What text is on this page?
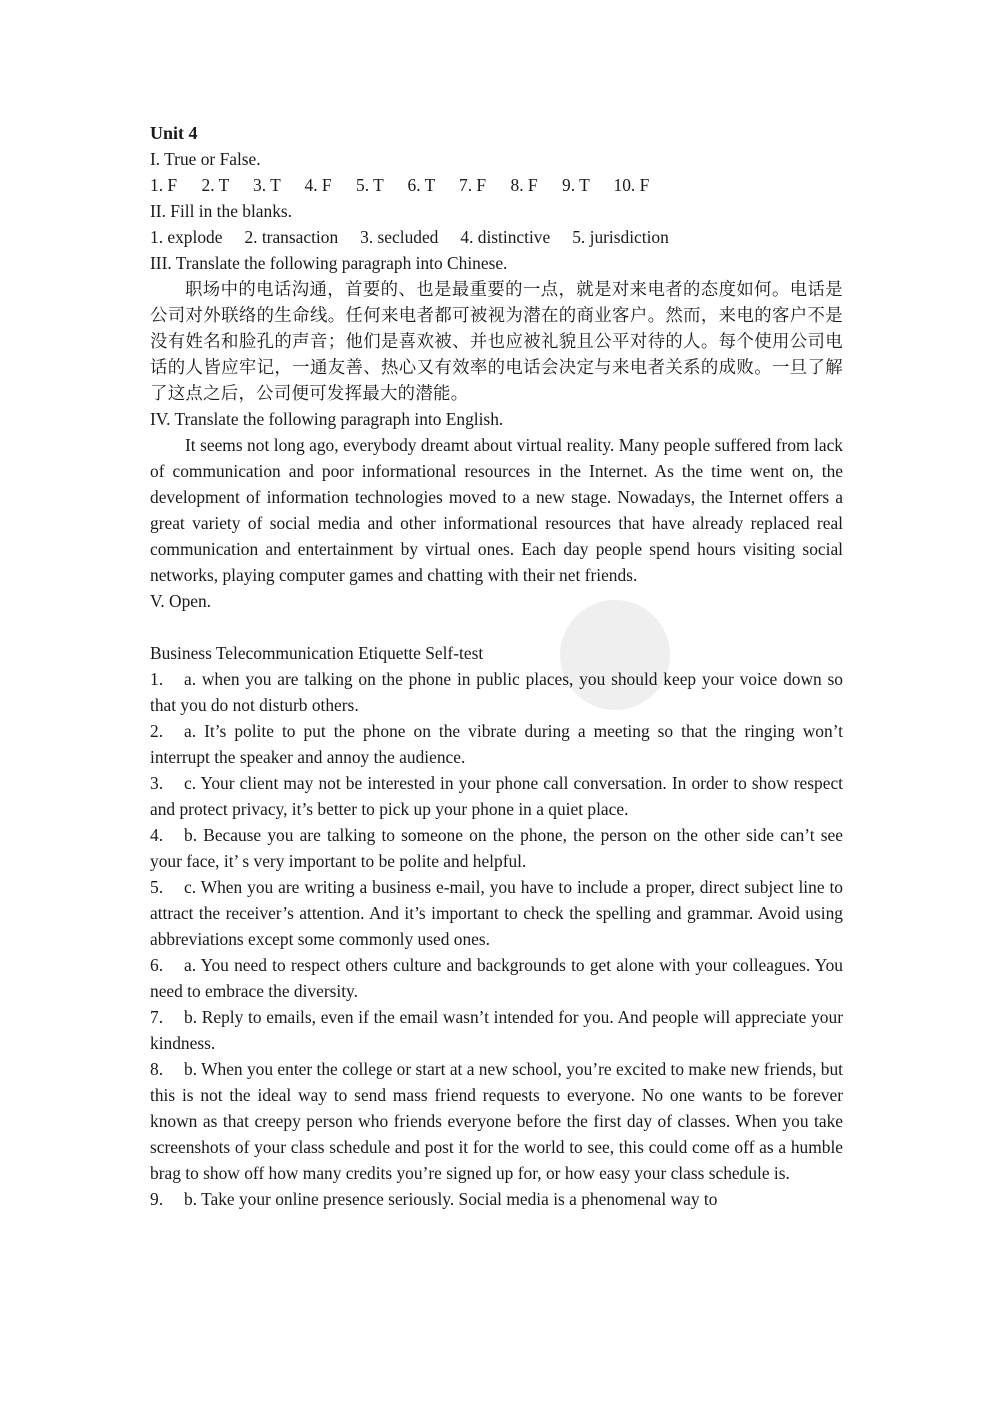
Unit 4

I. True or False.

1. F	2. T	3. T	4. F	5. T	6. T	7. F	8. F	9. T	10. F

II. Fill in the blanks.

1. explode 2. transaction 3. secluded 4. distinctive 5. jurisdiction

III. Translate the following paragraph into Chinese.

职场中的电话沟通，首要的、也是最重要的一点，就是对来电者的态度如何。电话是公司对外联络的生命线。任何来电者都可被视为潜在的商业客户。然而，来电的客户不是没有姓名和脸孔的声音；他们是喜欢被、并也应被礼貌且公平对待的人。每个使用公司电话的人皆应牢记，一通友善、热心又有效率的电话会决定与来电者关系的成败。一旦了解了这点之后，公司便可发挥最大的潜能。

IV. Translate the following paragraph into English.

It seems not long ago, everybody dreamt about virtual reality. Many people suffered from lack of communication and poor informational resources in the Internet. As the time went on, the development of information technologies moved to a new stage. Nowadays, the Internet offers a great variety of social media and other informational resources that have already replaced real communication and entertainment by virtual ones. Each day people spend hours visiting social networks, playing computer games and chatting with their net friends.

V. Open.

Business Telecommunication Etiquette Self-test

1. a. when you are talking on the phone in public places, you should keep your voice down so that you do not disturb others.

2. a. It’s polite to put the phone on the vibrate during a meeting so that the ringing won’t interrupt the speaker and annoy the audience.

3. c. Your client may not be interested in your phone call conversation. In order to show respect and protect privacy, it’s better to pick up your phone in a quiet place.

4. b. Because you are talking to someone on the phone, the person on the other side can’t see your face, it’ s very important to be polite and helpful.

5. c. When you are writing a business e-mail, you have to include a proper, direct subject line to attract the receiver’s attention. And it’s important to check the spelling and grammar. Avoid using abbreviations except some commonly used ones.

6. a. You need to respect others culture and backgrounds to get alone with your colleagues. You need to embrace the diversity.

7. b. Reply to emails, even if the email wasn’t intended for you. And people will appreciate your kindness.

8. b. When you enter the college or start at a new school, you’re excited to make new friends, but this is not the ideal way to send mass friend requests to everyone. No one wants to be forever known as that creepy person who friends everyone before the first day of classes. When you take screenshots of your class schedule and post it for the world to see, this could come off as a humble brag to show off how many credits you’re signed up for, or how easy your class schedule is.

9. b. Take your online presence seriously. Social media is a phenomenal way to
